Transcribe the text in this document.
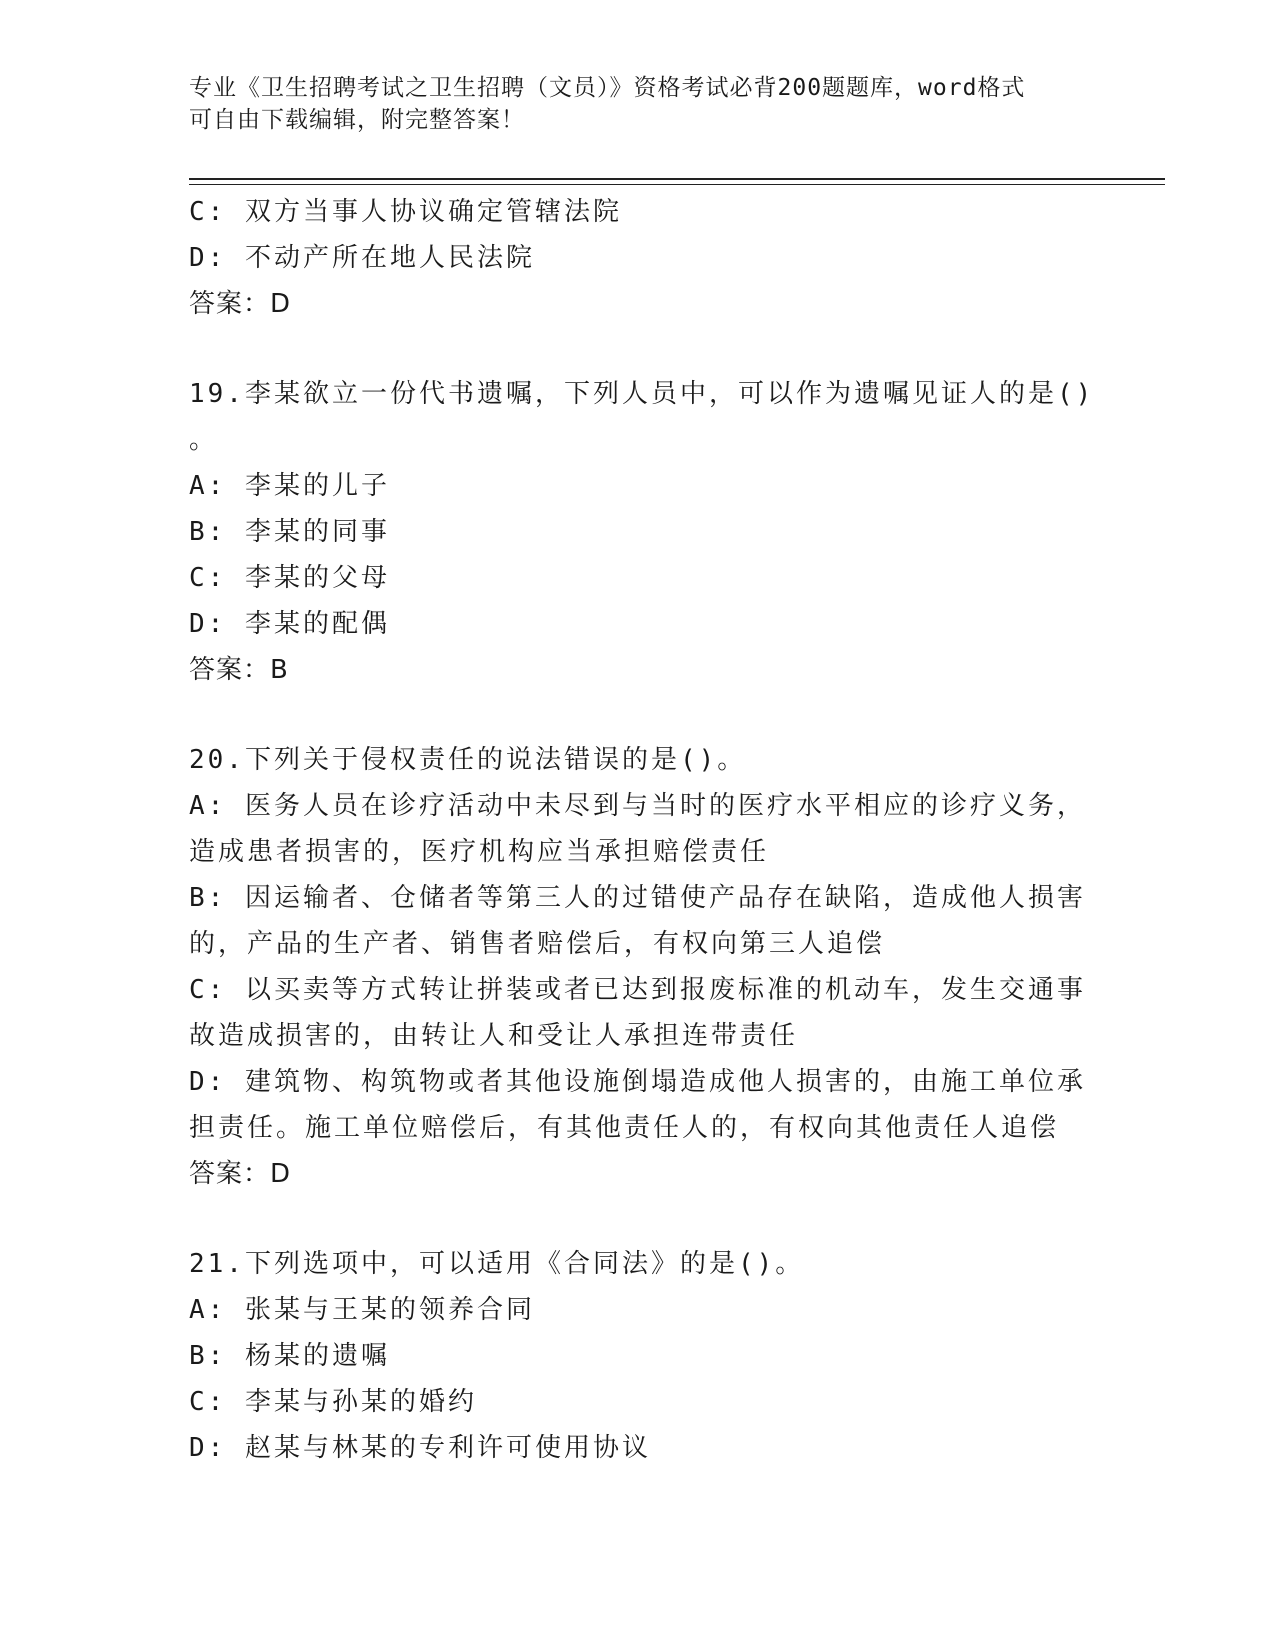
专业《卫生招聘考试之卫生招聘（文员）》资格考试必背200题题库，word格式
可自由下载编辑，附完整答案！
C: 双方当事人协议确定管辖法院
D: 不动产所在地人民法院
答案：D
19.李某欲立一份代书遗嘱，下列人员中，可以作为遗嘱见证人的是()
。
A: 李某的儿子
B: 李某的同事
C: 李某的父母
D: 李某的配偶
答案：B
20.下列关于侵权责任的说法错误的是()。
A: 医务人员在诊疗活动中未尽到与当时的医疗水平相应的诊疗义务，
造成患者损害的，医疗机构应当承担赔偿责任
B: 因运输者、仓储者等第三人的过错使产品存在缺陷，造成他人损害
的，产品的生产者、销售者赔偿后，有权向第三人追偿
C: 以买卖等方式转让拼装或者已达到报废标准的机动车，发生交通事
故造成损害的，由转让人和受让人承担连带责任
D: 建筑物、构筑物或者其他设施倒塌造成他人损害的，由施工单位承
担责任。施工单位赔偿后，有其他责任人的，有权向其他责任人追偿
答案：D
21.下列选项中，可以适用《合同法》的是()。
A: 张某与王某的领养合同
B: 杨某的遗嘱
C: 李某与孙某的婚约
D: 赵某与林某的专利许可使用协议
